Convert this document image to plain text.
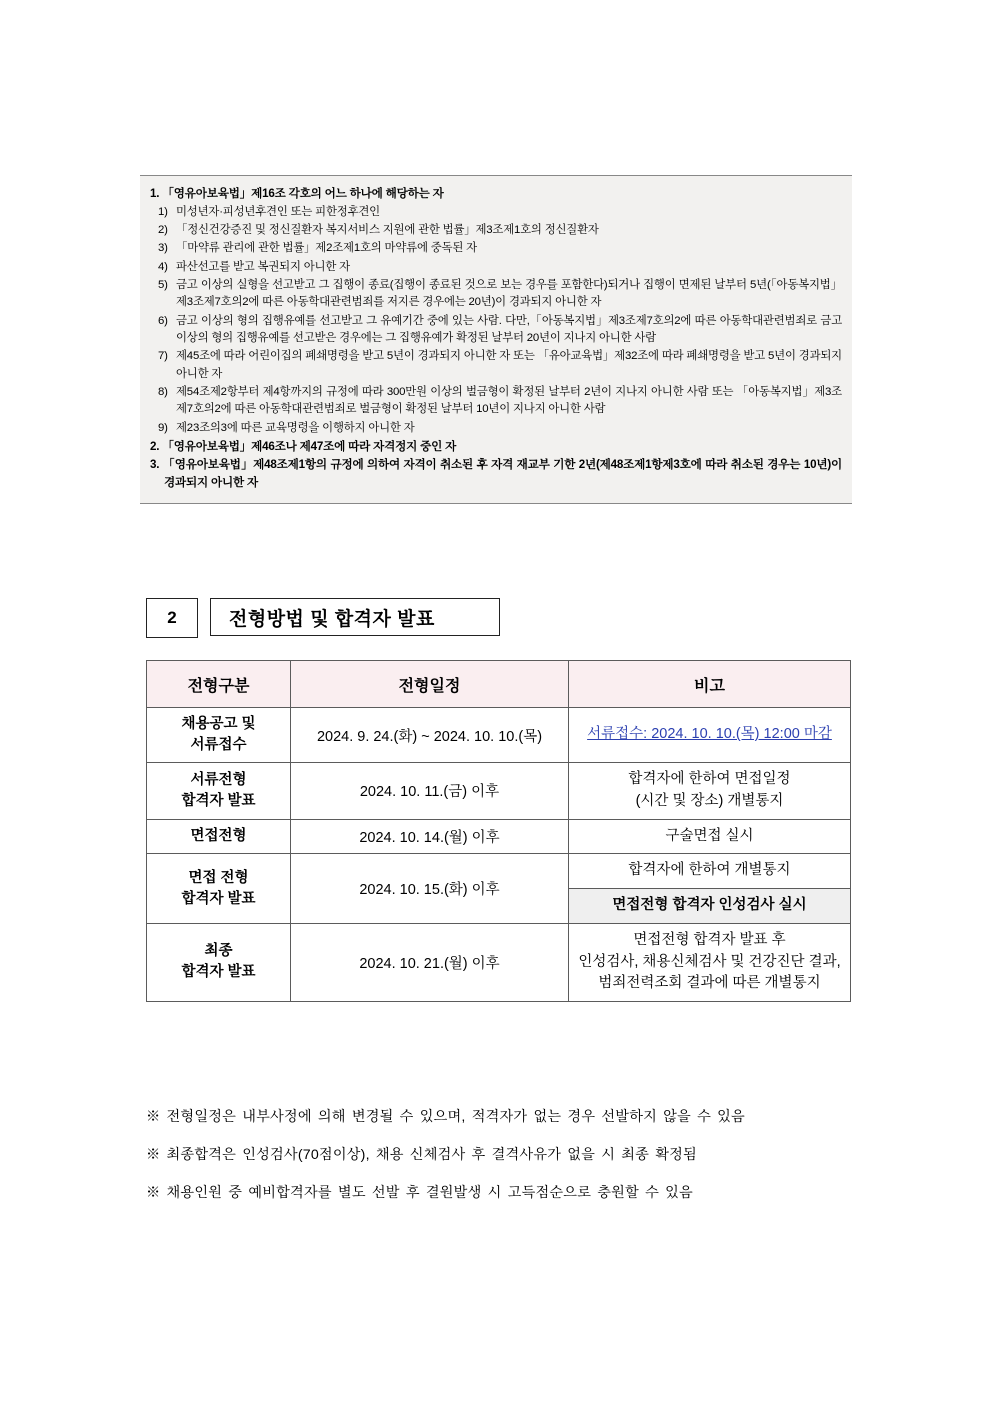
1. 「영유아보육법」제16조 각호의 어느 하나에 해당하는 자
1) 미성년자·피성년후견인 또는 피한정후견인
2) 「정신건강증진 및 정신질환자 복지서비스 지원에 관한 법률」제3조제1호의 정신질환자
3) 「마약류 관리에 관한 법률」제2조제1호의 마약류에 중독된 자
4) 파산선고를 받고 복권되지 아니한 자
5) 금고 이상의 실형을 선고받고 그 집행이 종료(집행이 종료된 것으로 보는 경우를 포함한다)되거나 집행이 면제된 날부터 5년(「아동복지법」제3조제7호의2에 따른 아동학대관련범죄를 저지른 경우에는 20년)이 경과되지 아니한 자
6) 금고 이상의 형의 집행유예를 선고받고 그 유예기간 중에 있는 사람. 다만,「아동복지법」제3조제7호의2에 따른 아동학대관련범죄로 금고 이상의 형의 집행유예를 선고받은 경우에는 그 집행유예가 확정된 날부터 20년이 지나지 아니한 사람
7) 제45조에 따라 어린이집의 폐쇄명령을 받고 5년이 경과되지 아니한 자 또는 「유아교육법」제32조에 따라 폐쇄명령을 받고 5년이 경과되지 아니한 자
8) 제54조제2항부터 제4항까지의 규정에 따라 300만원 이상의 벌금형이 확정된 날부터 2년이 지나지 아니한 사람 또는 「아동복지법」제3조제7호의2에 따른 아동학대관련범죄로 벌금형이 확정된 날부터 10년이 지나지 아니한 사람
9) 제23조의3에 따른 교육명령을 이행하지 아니한 자
2. 「영유아보육법」제46조나 제47조에 따라 자격정지 중인 자
3. 「영유아보육법」제48조제1항의 규정에 의하여 자격이 취소된 후 자격 재교부 기한 2년(제48조제1항제3호에 따라 취소된 경우는 10년)이 경과되지 아니한 자
2	전형방법 및 합격자 발표
전형구분	전형일정	비고
채용공고 및
서류접수	2024. 9. 24.(화) ~ 2024. 10. 10.(목)	서류접수: 2024. 10. 10.(목) 12:00 마감
서류전형
합격자 발표	2024. 10. 11.(금) 이후	합격자에 한하여 면접일정
(시간 및 장소) 개별통지
면접전형	2024. 10. 14.(월) 이후	구술면접 실시
면접 전형
합격자 발표	2024. 10. 15.(화) 이후	합격자에 한하여 개별통지
		면접전형 합격자 인성검사 실시
최종
합격자 발표	2024. 10. 21.(월) 이후	면접전형 합격자 발표 후
인성검사, 채용신체검사 및 건강진단 결과,
범죄전력조회 결과에 따른 개별통지
※ 전형일정은 내부사정에 의해 변경될 수 있으며, 적격자가 없는 경우 선발하지 않을 수 있음
※ 최종합격은 인성검사(70점이상), 채용 신체검사 후 결격사유가 없을 시 최종 확정됨
※ 채용인원 중 예비합격자를 별도 선발 후 결원발생 시 고득점순으로 충원할 수 있음
